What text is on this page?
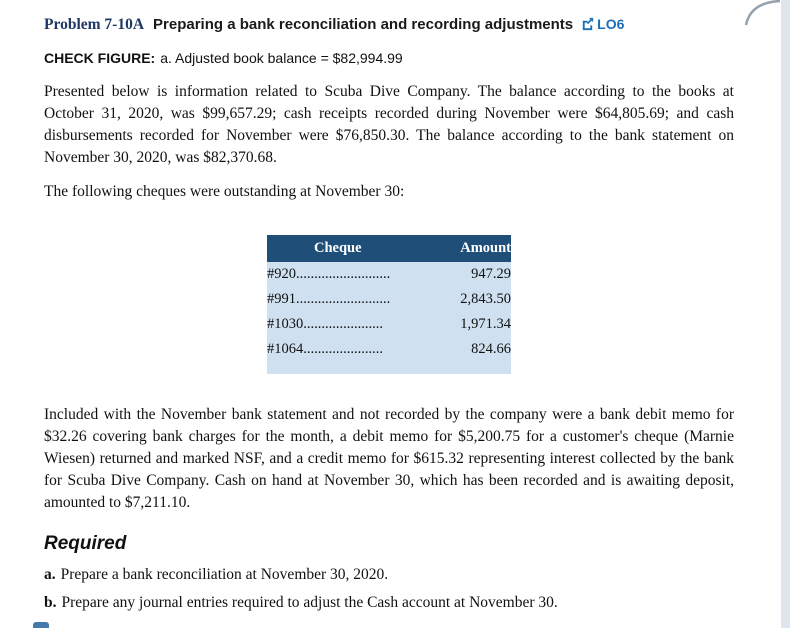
Problem 7-10A Preparing a bank reconciliation and recording adjustments LO6

CHECK FIGURE: a. Adjusted book balance = $82,994.99

Presented below is information related to Scuba Dive Company. The balance according to the books at October 31, 2020, was $99,657.29; cash receipts recorded during November were $64,805.69; and cash disbursements recorded for November were $76,850.30. The balance according to the bank statement on November 30, 2020, was $82,370.68.

The following cheques were outstanding at November 30:

Cheque	Amount
#920..........................	947.29
#991..........................	2,843.50
#1030......................	1,971.34
#1064......................	824.66

Included with the November bank statement and not recorded by the company were a bank debit memo for $32.26 covering bank charges for the month, a debit memo for $5,200.75 for a customer's cheque (Marnie Wiesen) returned and marked NSF, and a credit memo for $615.32 representing interest collected by the bank for Scuba Dive Company. Cash on hand at November 30, which has been recorded and is awaiting deposit, amounted to $7,211.10.

Required

a. Prepare a bank reconciliation at November 30, 2020.

b. Prepare any journal entries required to adjust the Cash account at November 30.
